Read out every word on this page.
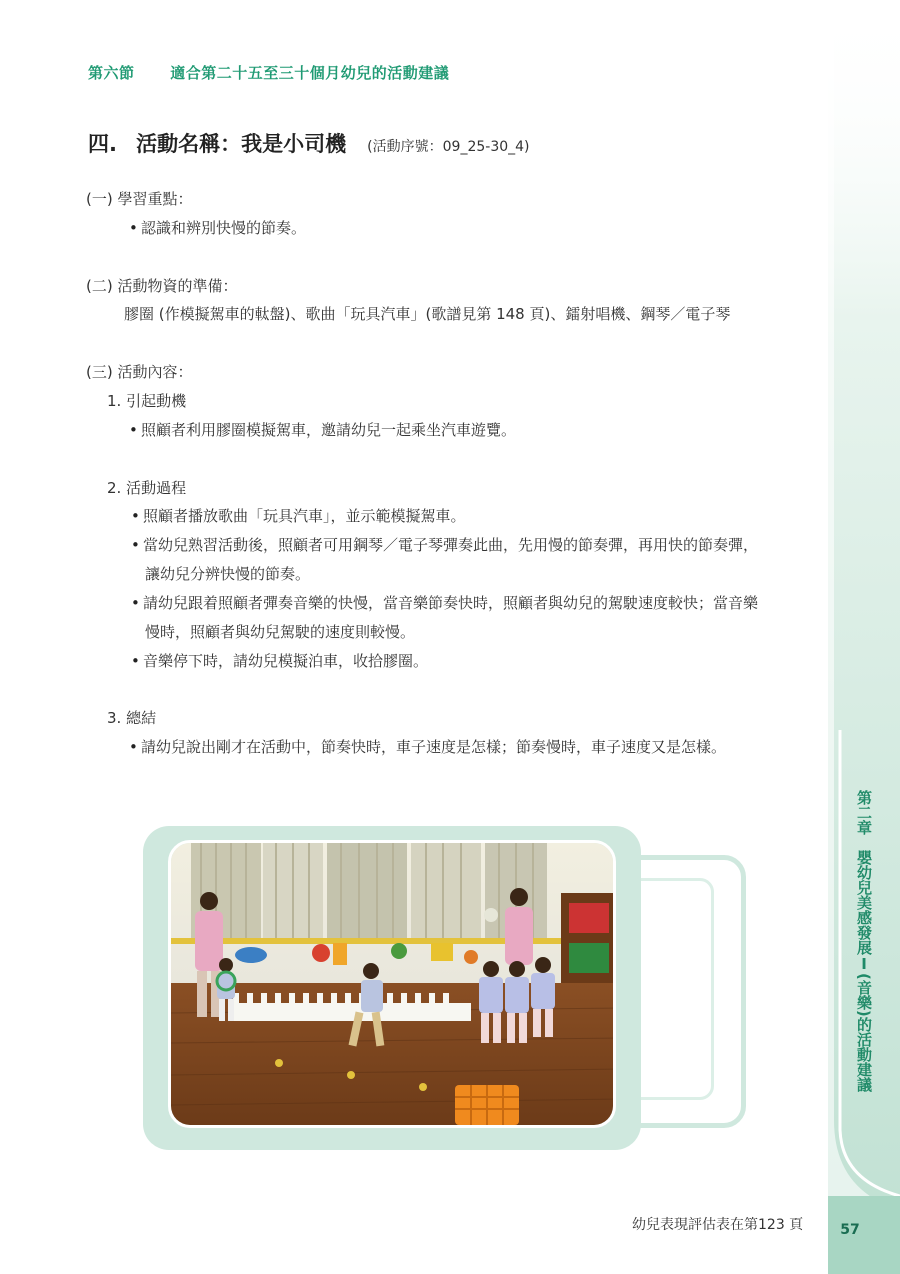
第六節 適合第二十五至三十個月幼兒的活動建議
四. 活動名稱：我是小司機 (活動序號：09_25-30_4)
(一) 學習重點：
• 認識和辨別快慢的節奏。
(二) 活動物資的準備：
膠圈 (作模擬駕車的軚盤)、歌曲「玩具汽車」(歌譜見第 148 頁)、鐳射唱機、鋼琴／電子琴
(三) 活動內容：
1. 引起動機
• 照顧者利用膠圈模擬駕車，邀請幼兒一起乘坐汽車遊覽。
2. 活動過程
• 照顧者播放歌曲「玩具汽車」，並示範模擬駕車。
• 當幼兒熟習活動後，照顧者可用鋼琴／電子琴彈奏此曲，先用慢的節奏彈，再用快的節奏彈，
讓幼兒分辨快慢的節奏。
• 請幼兒跟着照顧者彈奏音樂的快慢，當音樂節奏快時，照顧者與幼兒的駕駛速度較快；當音樂
慢時，照顧者與幼兒駕駛的速度則較慢。
• 音樂停下時，請幼兒模擬泊車，收拾膠圈。
3. 總結
• 請幼兒說出剛才在活動中，節奏快時，車子速度是怎樣；節奏慢時，車子速度又是怎樣。
第二章　嬰幼兒美感發展Ⅰ(音樂)的活動建議
57
幼兒表現評估表在第123 頁
